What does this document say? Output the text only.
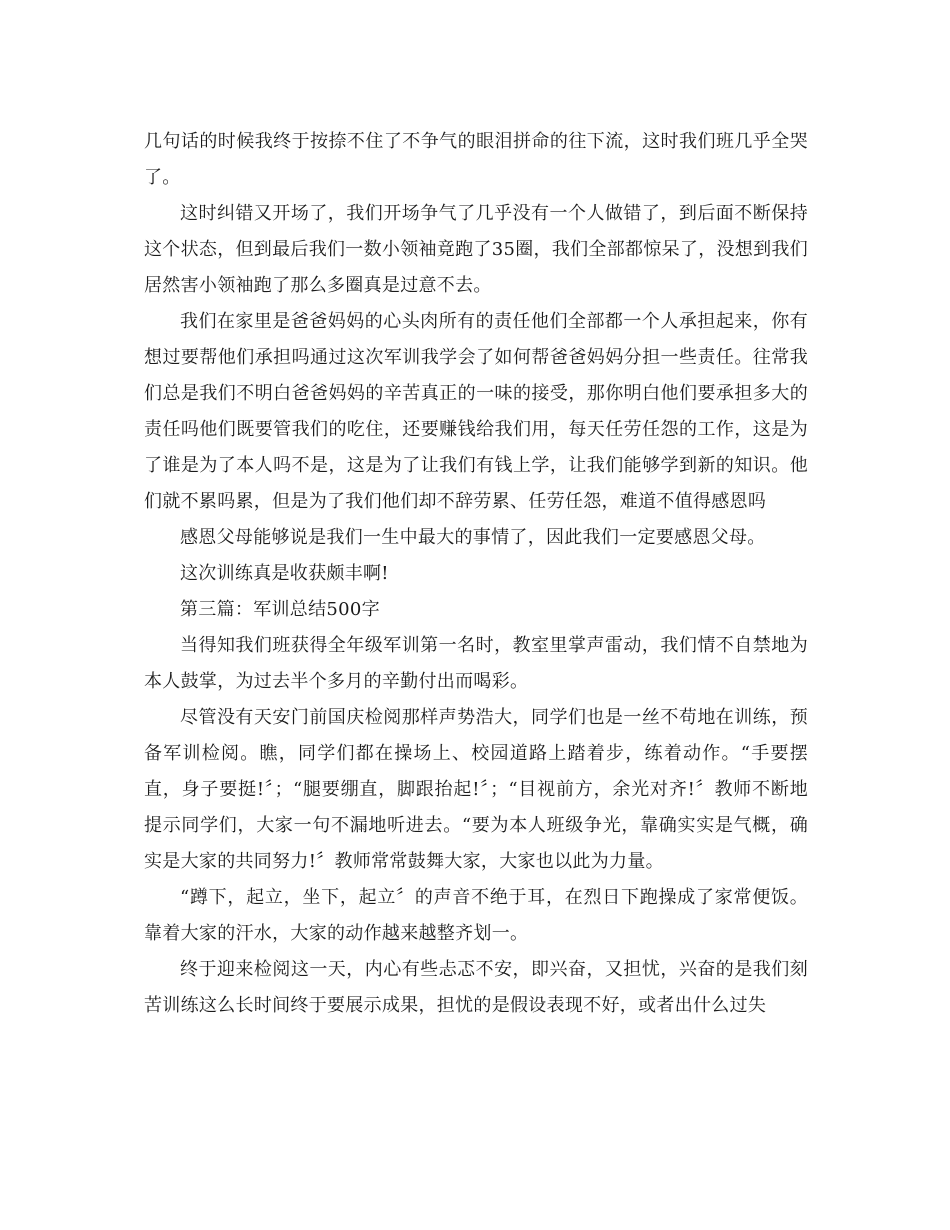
几句话的时候我终于按捺不住了不争气的眼泪拼命的往下流，这时我们班几乎全哭了。

这时纠错又开场了，我们开场争气了几乎没有一个人做错了，到后面不断保持这个状态，但到最后我们一数小领袖竟跑了35圈，我们全部都惊呆了，没想到我们居然害小领袖跑了那么多圈真是过意不去。

我们在家里是爸爸妈妈的心头肉所有的责任他们全部都一个人承担起来，你有想过要帮他们承担吗通过这次军训我学会了如何帮爸爸妈妈分担一些责任。往常我们总是我们不明白爸爸妈妈的辛苦真正的一味的接受，那你明白他们要承担多大的责任吗他们既要管我们的吃住，还要赚钱给我们用，每天任劳任怨的工作，这是为了谁是为了本人吗不是，这是为了让我们有钱上学，让我们能够学到新的知识。他们就不累吗累，但是为了我们他们却不辞劳累、任劳任怨，难道不值得感恩吗

感恩父母能够说是我们一生中最大的事情了，因此我们一定要感恩父母。

这次训练真是收获颇丰啊!

第三篇：军训总结500字

当得知我们班获得全年级军训第一名时，教室里掌声雷动，我们情不自禁地为本人鼓掌，为过去半个多月的辛勤付出而喝彩。

尽管没有天安门前国庆检阅那样声势浩大，同学们也是一丝不苟地在训练，预备军训检阅。瞧，同学们都在操场上、校园道路上踏着步，练着动作。“手要摆直，身子要挺!〞；“腿要绷直，脚跟抬起!〞；“目视前方，余光对齐!〞教师不断地提示同学们，大家一句不漏地听进去。“要为本人班级争光，靠确实实是气概，确实是大家的共同努力!〞教师常常鼓舞大家，大家也以此为力量。

“蹲下，起立，坐下，起立〞的声音不绝于耳，在烈日下跑操成了家常便饭。靠着大家的汗水，大家的动作越来越整齐划一。

终于迎来检阅这一天，内心有些忐忑不安，即兴奋，又担忧，兴奋的是我们刻苦训练这么长时间终于要展示成果，担忧的是假设表现不好，或者出什么过失
